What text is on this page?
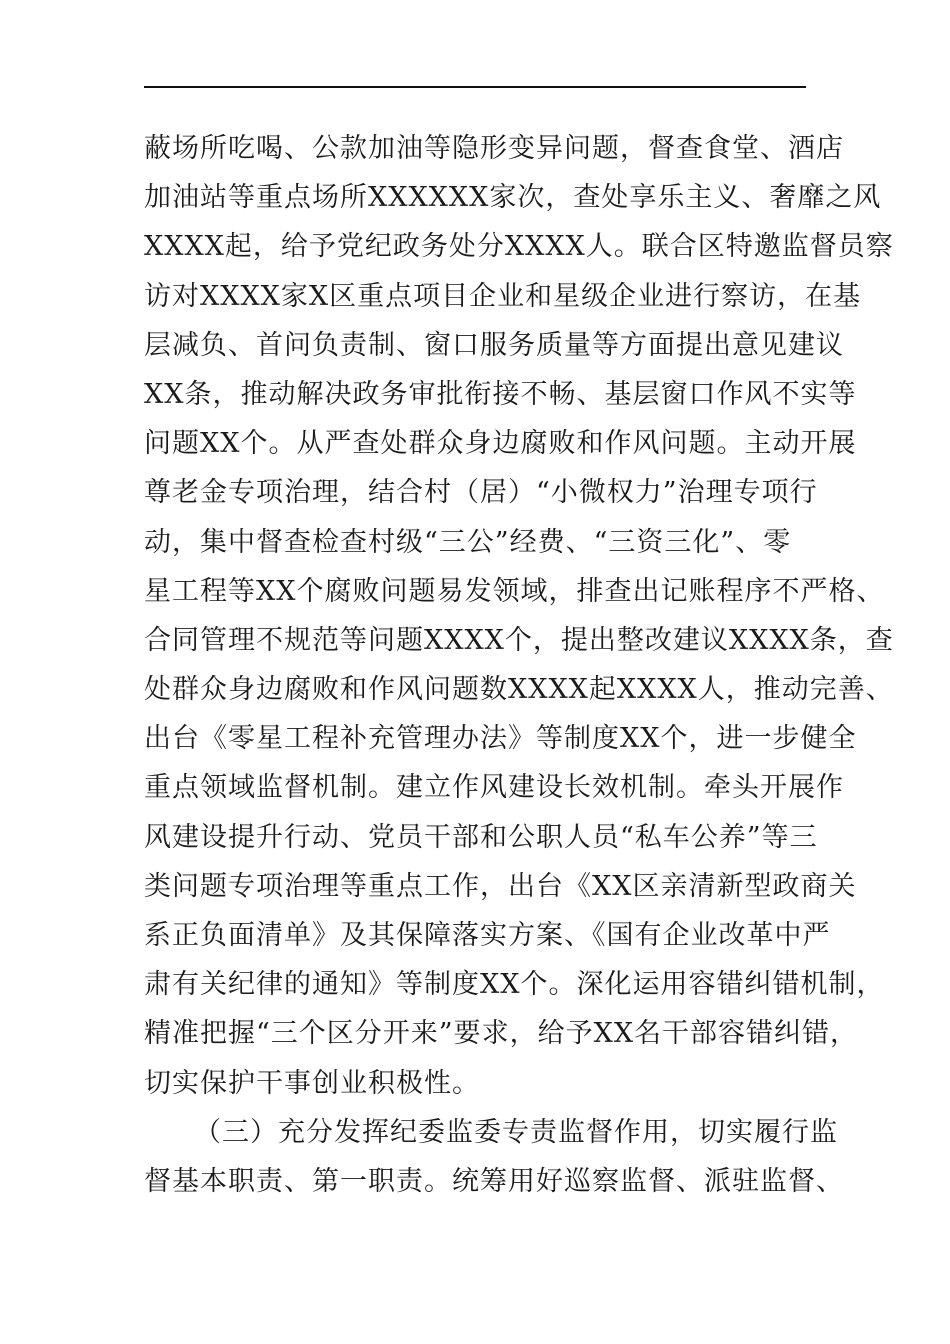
蔽场所吃喝、公款加油等隐形变异问题，督查食堂、酒店
加油站等重点场所XXXXXX家次，查处享乐主义、奢靡之风
XXXX起，给予党纪政务处分XXXX人。联合区特邀监督员察
访对XXXX家X区重点项目企业和星级企业进行察访，在基
层减负、首问负责制、窗口服务质量等方面提出意见建议
XX条，推动解决政务审批衔接不畅、基层窗口作风不实等
问题XX个。从严查处群众身边腐败和作风问题。主动开展
尊老金专项治理，结合村（居）“小微权力”治理专项行
动，集中督查检查村级“三公”经费、“三资三化”、零
星工程等XX个腐败问题易发领域，排查出记账程序不严格、
合同管理不规范等问题XXXX个，提出整改建议XXXX条，查
处群众身边腐败和作风问题数XXXX起XXXX人，推动完善、
出台《零星工程补充管理办法》等制度XX个，进一步健全
重点领域监督机制。建立作风建设长效机制。牵头开展作
风建设提升行动、党员干部和公职人员“私车公养”等三
类问题专项治理等重点工作，出台《XX区亲清新型政商关
系正负面清单》及其保障落实方案、《国有企业改革中严
肃有关纪律的通知》等制度XX个。深化运用容错纠错机制，
精准把握“三个区分开来”要求，给予XX名干部容错纠错，
切实保护干事创业积极性。
（三）充分发挥纪委监委专责监督作用，切实履行监
督基本职责、第一职责。统筹用好巡察监督、派驻监督、
